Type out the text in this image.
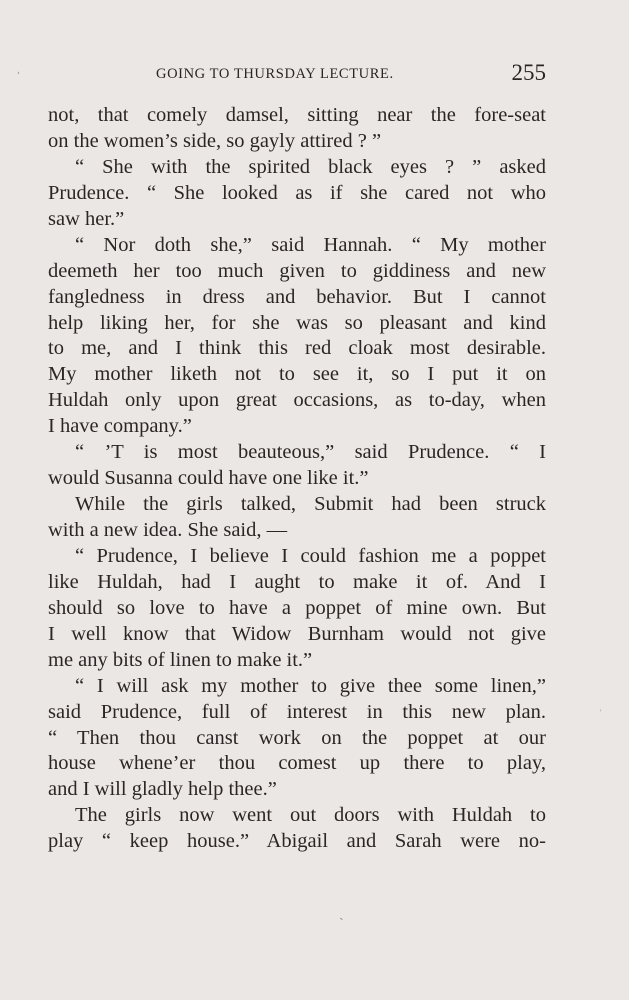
ˌ	GOING TO THURSDAY LECTURE.	255
not, that comely damsel, sitting near the fore-seat
on the women’s side, so gayly attired ? ”
“ She with the spirited black eyes ? ” asked
Prudence. “ She looked as if she cared not who
saw her.”
“ Nor doth she,” said Hannah. “ My mother
deemeth her too much given to giddiness and new
fangledness in dress and behavior. But I cannot
help liking her, for she was so pleasant and kind
to me, and I think this red cloak most desirable.
My mother liketh not to see it, so I put it on
Huldah only upon great occasions, as to-day, when
I have company.”
“ ’T is most beauteous,” said Prudence. “ I
would Susanna could have one like it.”
While the girls talked, Submit had been struck
with a new idea. She said, —
“ Prudence, I believe I could fashion me a poppet
like Huldah, had I aught to make it of. And I
should so love to have a poppet of mine own. But
I well know that Widow Burnham would not give
me any bits of linen to make it.”
“ I will ask my mother to give thee some linen,”
said Prudence, full of interest in this new plan.
“ Then thou canst work on the poppet at our
house whene’er thou comest up there to play,
and I will gladly help thee.”
The girls now went out doors with Huldah to
play “ keep house.” Abigail and Sarah were no-
ˎ
ˈ
